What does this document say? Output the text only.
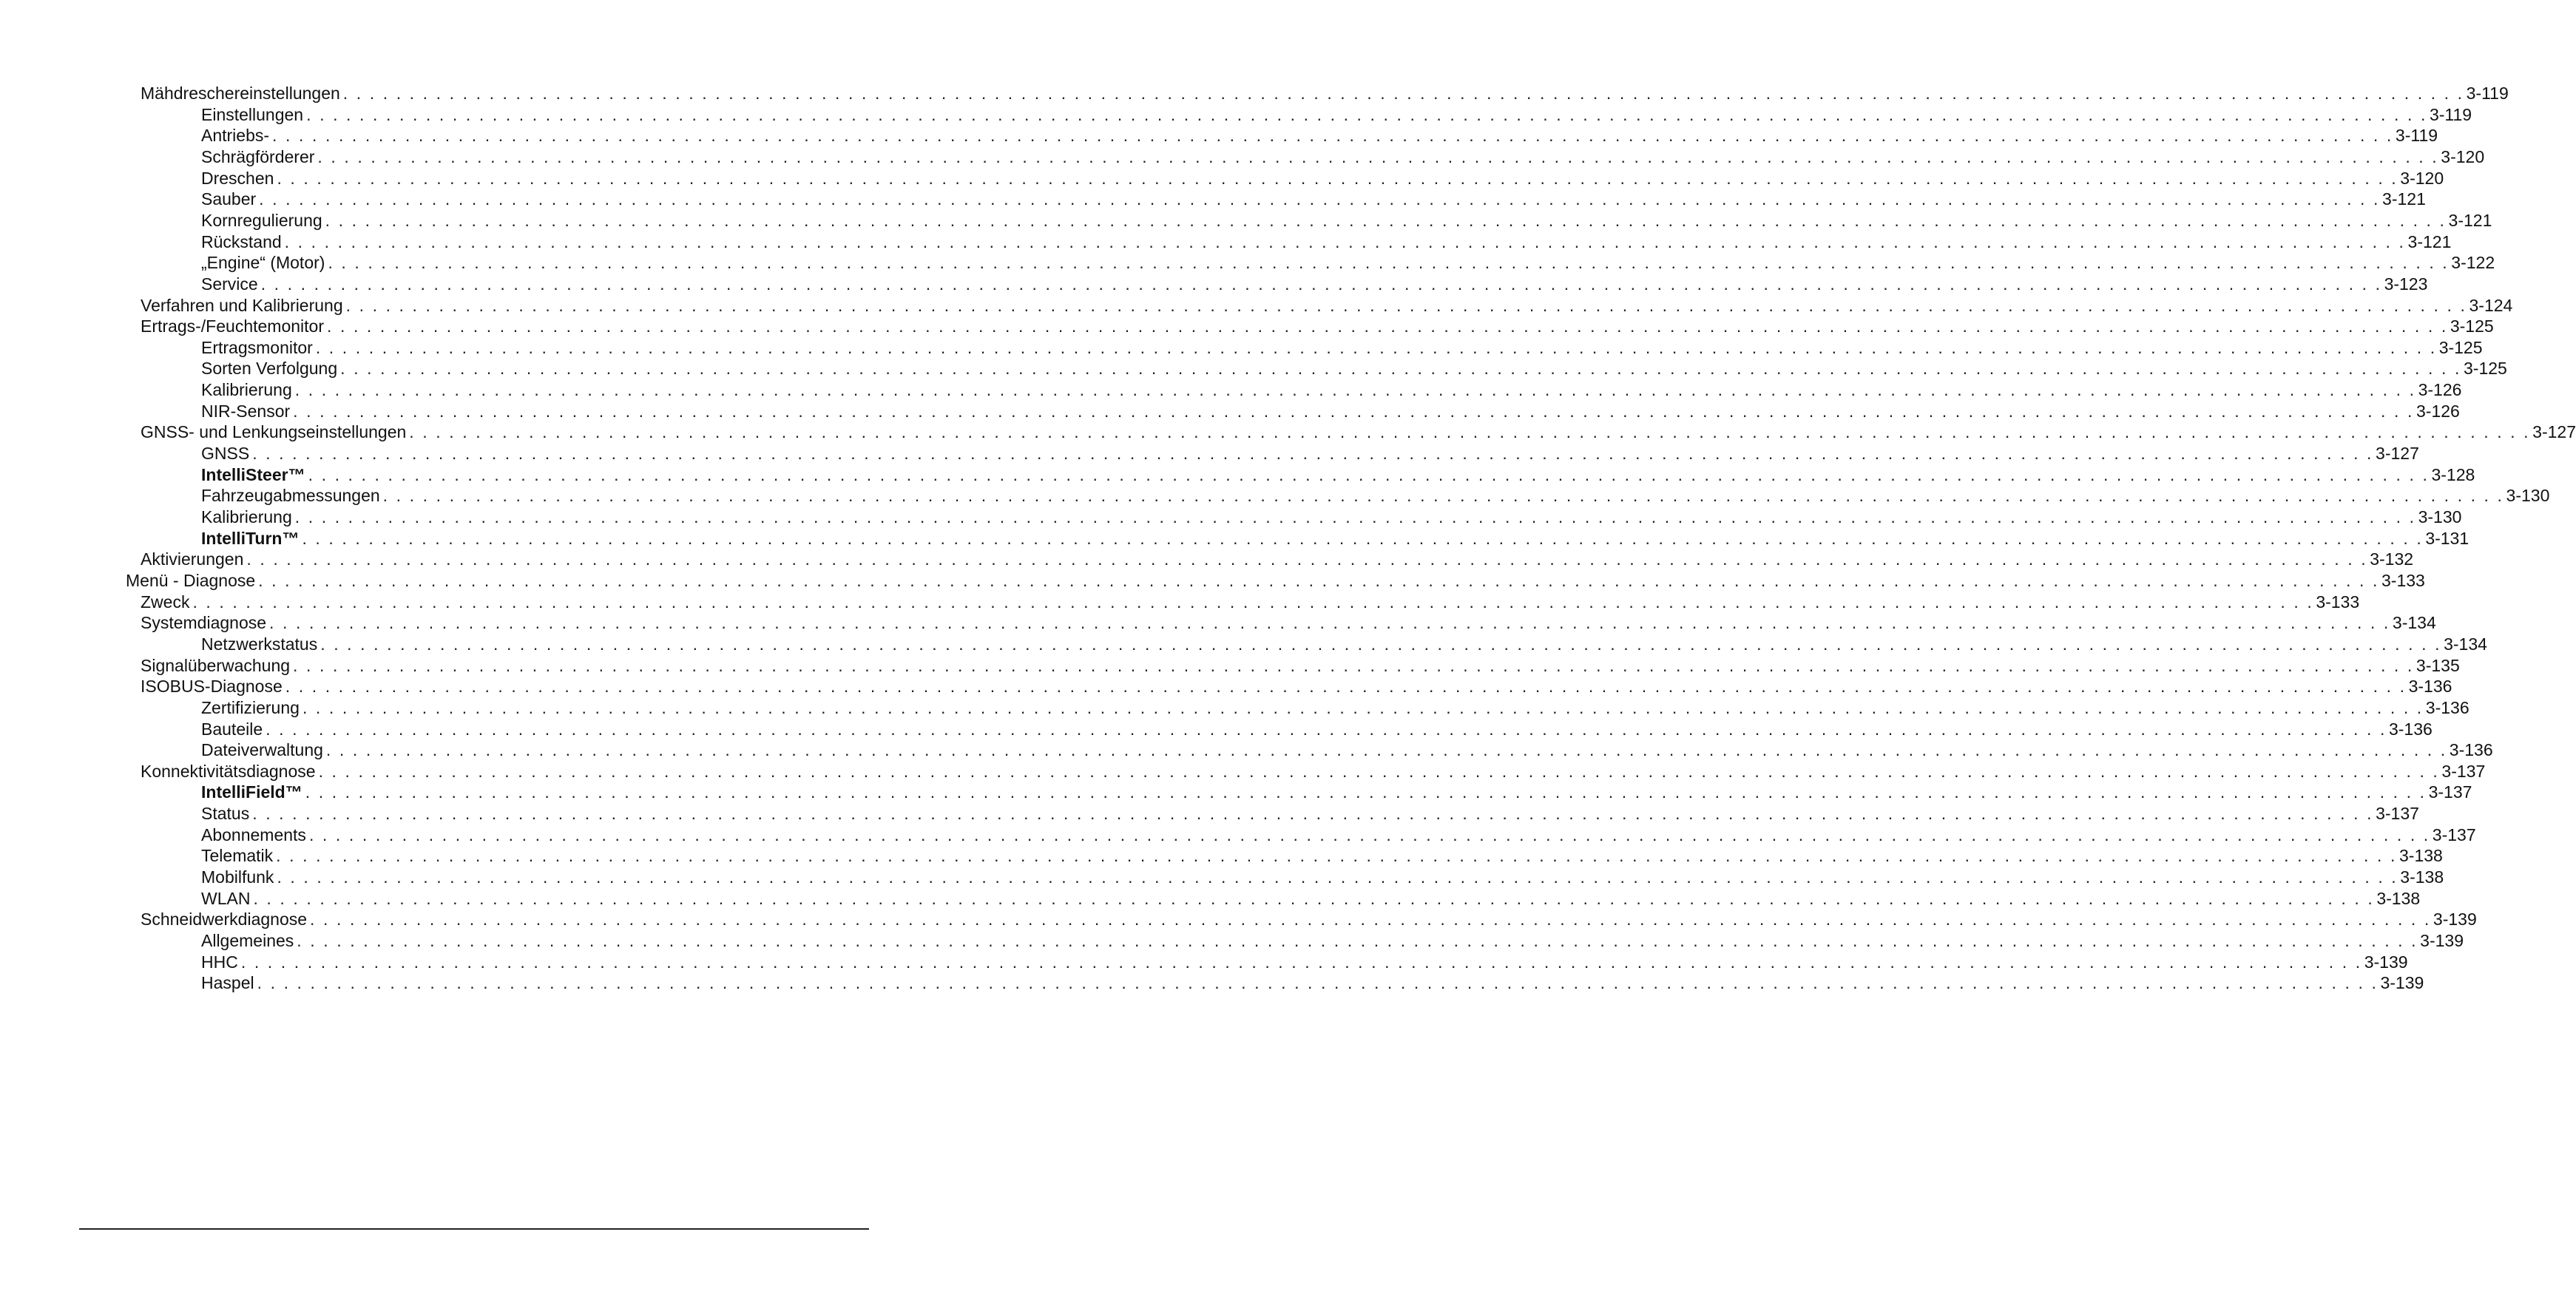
Mähdreschereinstellungen . . . . . . . . . . . . . . . . . . . . . . . . . . . . . . . . . . . . . . . . . . . . . . . . . . . . . . . . . . . . . . . . . . . . . . . . . . . . . . . . . . . . . . . . . . . . . . . . . . . . . . . . . . . . . . . . . . . . . . . . . . . . . . . . . . . . . . . . . . . . . . . . . . . . . . . . . . . . . . . . 3-119
Einstellungen . . . . . . . . . . . . . . . . . . . . . . . . . . . . . . . . . . . . . . . . . . . . . . . . . . . . . . . . . . . . . . . . . . . . . . . . . . . . . . . . . . . . . . . . . . . . . . . . . . . . . . . . . . . . . . . . . . . . . . . . . . . . . . . . . . . . . . . . . . . . . . . . . . . . . . . . . . . . . . . . 3-119
Antriebs- . . . . . . . . . . . . . . . . . . . . . . . . . . . . . . . . . . . . . . . . . . . . . . . . . . . . . . . . . . . . . . . . . . . . . . . . . . . . . . . . . . . . . . . . . . . . . . . . . . . . . . . . . . . . . . . . . . . . . . . . . . . . . . . . . . . . . . . . . . . . . . . . . . . . . . . . . . . . . . . . 3-119
Schrägförderer . . . . . . . . . . . . . . . . . . . . . . . . . . . . . . . . . . . . . . . . . . . . . . . . . . . . . . . . . . . . . . . . . . . . . . . . . . . . . . . . . . . . . . . . . . . . . . . . . . . . . . . . . . . . . . . . . . . . . . . . . . . . . . . . . . . . . . . . . . . . . . . . . . . . . . . . . . . . . . . . 3-120
Dreschen . . . . . . . . . . . . . . . . . . . . . . . . . . . . . . . . . . . . . . . . . . . . . . . . . . . . . . . . . . . . . . . . . . . . . . . . . . . . . . . . . . . . . . . . . . . . . . . . . . . . . . . . . . . . . . . . . . . . . . . . . . . . . . . . . . . . . . . . . . . . . . . . . . . . . . . . . . . . . . . . 3-120
Sauber . . . . . . . . . . . . . . . . . . . . . . . . . . . . . . . . . . . . . . . . . . . . . . . . . . . . . . . . . . . . . . . . . . . . . . . . . . . . . . . . . . . . . . . . . . . . . . . . . . . . . . . . . . . . . . . . . . . . . . . . . . . . . . . . . . . . . . . . . . . . . . . . . . . . . . . . . . . . . . . . 3-121
Kornregulierung . . . . . . . . . . . . . . . . . . . . . . . . . . . . . . . . . . . . . . . . . . . . . . . . . . . . . . . . . . . . . . . . . . . . . . . . . . . . . . . . . . . . . . . . . . . . . . . . . . . . . . . . . . . . . . . . . . . . . . . . . . . . . . . . . . . . . . . . . . . . . . . . . . . . . . . . . . . . . . . . 3-121
Rückstand . . . . . . . . . . . . . . . . . . . . . . . . . . . . . . . . . . . . . . . . . . . . . . . . . . . . . . . . . . . . . . . . . . . . . . . . . . . . . . . . . . . . . . . . . . . . . . . . . . . . . . . . . . . . . . . . . . . . . . . . . . . . . . . . . . . . . . . . . . . . . . . . . . . . . . . . . . . . . . . . 3-121
„Engine“ (Motor) . . . . . . . . . . . . . . . . . . . . . . . . . . . . . . . . . . . . . . . . . . . . . . . . . . . . . . . . . . . . . . . . . . . . . . . . . . . . . . . . . . . . . . . . . . . . . . . . . . . . . . . . . . . . . . . . . . . . . . . . . . . . . . . . . . . . . . . . . . . . . . . . . . . . . . . . . . . . . . . . 3-122
Service . . . . . . . . . . . . . . . . . . . . . . . . . . . . . . . . . . . . . . . . . . . . . . . . . . . . . . . . . . . . . . . . . . . . . . . . . . . . . . . . . . . . . . . . . . . . . . . . . . . . . . . . . . . . . . . . . . . . . . . . . . . . . . . . . . . . . . . . . . . . . . . . . . . . . . . . . . . . . . . . 3-123
Verfahren und Kalibrierung . . . . . . . . . . . . . . . . . . . . . . . . . . . . . . . . . . . . . . . . . . . . . . . . . . . . . . . . . . . . . . . . . . . . . . . . . . . . . . . . . . . . . . . . . . . . . . . . . . . . . . . . . . . . . . . . . . . . . . . . . . . . . . . . . . . . . . . . . . . . . . . . . . . . . . . . . . . . . . . . 3-124
Ertrags-/Feuchtemonitor . . . . . . . . . . . . . . . . . . . . . . . . . . . . . . . . . . . . . . . . . . . . . . . . . . . . . . . . . . . . . . . . . . . . . . . . . . . . . . . . . . . . . . . . . . . . . . . . . . . . . . . . . . . . . . . . . . . . . . . . . . . . . . . . . . . . . . . . . . . . . . . . . . . . . . . . . . . . . . . . 3-125
Ertragsmonitor . . . . . . . . . . . . . . . . . . . . . . . . . . . . . . . . . . . . . . . . . . . . . . . . . . . . . . . . . . . . . . . . . . . . . . . . . . . . . . . . . . . . . . . . . . . . . . . . . . . . . . . . . . . . . . . . . . . . . . . . . . . . . . . . . . . . . . . . . . . . . . . . . . . . . . . . . . . . . . . . 3-125
Sorten Verfolgung . . . . . . . . . . . . . . . . . . . . . . . . . . . . . . . . . . . . . . . . . . . . . . . . . . . . . . . . . . . . . . . . . . . . . . . . . . . . . . . . . . . . . . . . . . . . . . . . . . . . . . . . . . . . . . . . . . . . . . . . . . . . . . . . . . . . . . . . . . . . . . . . . . . . . . . . . . . . . . . . 3-125
Kalibrierung . . . . . . . . . . . . . . . . . . . . . . . . . . . . . . . . . . . . . . . . . . . . . . . . . . . . . . . . . . . . . . . . . . . . . . . . . . . . . . . . . . . . . . . . . . . . . . . . . . . . . . . . . . . . . . . . . . . . . . . . . . . . . . . . . . . . . . . . . . . . . . . . . . . . . . . . . . . . . . . . 3-126
NIR-Sensor . . . . . . . . . . . . . . . . . . . . . . . . . . . . . . . . . . . . . . . . . . . . . . . . . . . . . . . . . . . . . . . . . . . . . . . . . . . . . . . . . . . . . . . . . . . . . . . . . . . . . . . . . . . . . . . . . . . . . . . . . . . . . . . . . . . . . . . . . . . . . . . . . . . . . . . . . . . . . . . . 3-126
GNSS- und Lenkungseinstellungen . . . . . . . . . . . . . . . . . . . . . . . . . . . . . . . . . . . . . . . . . . . . . . . . . . . . . . . . . . . . . . . . . . . . . . . . . . . . . . . . . . . . . . . . . . . . . . . . . . . . . . . . . . . . . . . . . . . . . . . . . . . . . . . . . . . . . . . . . . . . . . . . . . . . . . . . . . . . . . . . 3-127
GNSS . . . . . . . . . . . . . . . . . . . . . . . . . . . . . . . . . . . . . . . . . . . . . . . . . . . . . . . . . . . . . . . . . . . . . . . . . . . . . . . . . . . . . . . . . . . . . . . . . . . . . . . . . . . . . . . . . . . . . . . . . . . . . . . . . . . . . . . . . . . . . . . . . . . . . . . . . . . . . . . . 3-127
IntelliSteer™ . . . . . . . . . . . . . . . . . . . . . . . . . . . . . . . . . . . . . . . . . . . . . . . . . . . . . . . . . . . . . . . . . . . . . . . . . . . . . . . . . . . . . . . . . . . . . . . . . . . . . . . . . . . . . . . . . . . . . . . . . . . . . . . . . . . . . . . . . . . . . . . . . . . . . . . . . . . . . . . . 3-128
Fahrzeugabmessungen . . . . . . . . . . . . . . . . . . . . . . . . . . . . . . . . . . . . . . . . . . . . . . . . . . . . . . . . . . . . . . . . . . . . . . . . . . . . . . . . . . . . . . . . . . . . . . . . . . . . . . . . . . . . . . . . . . . . . . . . . . . . . . . . . . . . . . . . . . . . . . . . . . . . . . . . . . . . . . . . 3-130
Kalibrierung . . . . . . . . . . . . . . . . . . . . . . . . . . . . . . . . . . . . . . . . . . . . . . . . . . . . . . . . . . . . . . . . . . . . . . . . . . . . . . . . . . . . . . . . . . . . . . . . . . . . . . . . . . . . . . . . . . . . . . . . . . . . . . . . . . . . . . . . . . . . . . . . . . . . . . . . . . . . . . . . 3-130
IntelliTurn™ . . . . . . . . . . . . . . . . . . . . . . . . . . . . . . . . . . . . . . . . . . . . . . . . . . . . . . . . . . . . . . . . . . . . . . . . . . . . . . . . . . . . . . . . . . . . . . . . . . . . . . . . . . . . . . . . . . . . . . . . . . . . . . . . . . . . . . . . . . . . . . . . . . . . . . . . . . . . . . . . 3-131
Aktivierungen . . . . . . . . . . . . . . . . . . . . . . . . . . . . . . . . . . . . . . . . . . . . . . . . . . . . . . . . . . . . . . . . . . . . . . . . . . . . . . . . . . . . . . . . . . . . . . . . . . . . . . . . . . . . . . . . . . . . . . . . . . . . . . . . . . . . . . . . . . . . . . . . . . . . . . . . . . . . . . . . 3-132
Menü - Diagnose . . . . . . . . . . . . . . . . . . . . . . . . . . . . . . . . . . . . . . . . . . . . . . . . . . . . . . . . . . . . . . . . . . . . . . . . . . . . . . . . . . . . . . . . . . . . . . . . . . . . . . . . . . . . . . . . . . . . . . . . . . . . . . . . . . . . . . . . . . . . . . . . . . . . . . . . . . . . . . . . 3-133
Zweck . . . . . . . . . . . . . . . . . . . . . . . . . . . . . . . . . . . . . . . . . . . . . . . . . . . . . . . . . . . . . . . . . . . . . . . . . . . . . . . . . . . . . . . . . . . . . . . . . . . . . . . . . . . . . . . . . . . . . . . . . . . . . . . . . . . . . . . . . . . . . . . . . . . . . . . . . . . . . . . . 3-133
Systemdiagnose . . . . . . . . . . . . . . . . . . . . . . . . . . . . . . . . . . . . . . . . . . . . . . . . . . . . . . . . . . . . . . . . . . . . . . . . . . . . . . . . . . . . . . . . . . . . . . . . . . . . . . . . . . . . . . . . . . . . . . . . . . . . . . . . . . . . . . . . . . . . . . . . . . . . . . . . . . . . . . . . 3-134
Netzwerkstatus . . . . . . . . . . . . . . . . . . . . . . . . . . . . . . . . . . . . . . . . . . . . . . . . . . . . . . . . . . . . . . . . . . . . . . . . . . . . . . . . . . . . . . . . . . . . . . . . . . . . . . . . . . . . . . . . . . . . . . . . . . . . . . . . . . . . . . . . . . . . . . . . . . . . . . . . . . . . . . . . 3-134
Signalüberwachung . . . . . . . . . . . . . . . . . . . . . . . . . . . . . . . . . . . . . . . . . . . . . . . . . . . . . . . . . . . . . . . . . . . . . . . . . . . . . . . . . . . . . . . . . . . . . . . . . . . . . . . . . . . . . . . . . . . . . . . . . . . . . . . . . . . . . . . . . . . . . . . . . . . . . . . . . . . . . . . . 3-135
ISOBUS-Diagnose . . . . . . . . . . . . . . . . . . . . . . . . . . . . . . . . . . . . . . . . . . . . . . . . . . . . . . . . . . . . . . . . . . . . . . . . . . . . . . . . . . . . . . . . . . . . . . . . . . . . . . . . . . . . . . . . . . . . . . . . . . . . . . . . . . . . . . . . . . . . . . . . . . . . . . . . . . . . . . . . 3-136
Zertifizierung . . . . . . . . . . . . . . . . . . . . . . . . . . . . . . . . . . . . . . . . . . . . . . . . . . . . . . . . . . . . . . . . . . . . . . . . . . . . . . . . . . . . . . . . . . . . . . . . . . . . . . . . . . . . . . . . . . . . . . . . . . . . . . . . . . . . . . . . . . . . . . . . . . . . . . . . . . . . . . . . 3-136
Bauteile . . . . . . . . . . . . . . . . . . . . . . . . . . . . . . . . . . . . . . . . . . . . . . . . . . . . . . . . . . . . . . . . . . . . . . . . . . . . . . . . . . . . . . . . . . . . . . . . . . . . . . . . . . . . . . . . . . . . . . . . . . . . . . . . . . . . . . . . . . . . . . . . . . . . . . . . . . . . . . . . 3-136
Dateiverwaltung . . . . . . . . . . . . . . . . . . . . . . . . . . . . . . . . . . . . . . . . . . . . . . . . . . . . . . . . . . . . . . . . . . . . . . . . . . . . . . . . . . . . . . . . . . . . . . . . . . . . . . . . . . . . . . . . . . . . . . . . . . . . . . . . . . . . . . . . . . . . . . . . . . . . . . . . . . . . . . . . 3-136
Konnektivitätsdiagnose . . . . . . . . . . . . . . . . . . . . . . . . . . . . . . . . . . . . . . . . . . . . . . . . . . . . . . . . . . . . . . . . . . . . . . . . . . . . . . . . . . . . . . . . . . . . . . . . . . . . . . . . . . . . . . . . . . . . . . . . . . . . . . . . . . . . . . . . . . . . . . . . . . . . . . . . . . . . . . . . 3-137
IntelliField™ . . . . . . . . . . . . . . . . . . . . . . . . . . . . . . . . . . . . . . . . . . . . . . . . . . . . . . . . . . . . . . . . . . . . . . . . . . . . . . . . . . . . . . . . . . . . . . . . . . . . . . . . . . . . . . . . . . . . . . . . . . . . . . . . . . . . . . . . . . . . . . . . . . . . . . . . . . . . . . . . 3-137
Status . . . . . . . . . . . . . . . . . . . . . . . . . . . . . . . . . . . . . . . . . . . . . . . . . . . . . . . . . . . . . . . . . . . . . . . . . . . . . . . . . . . . . . . . . . . . . . . . . . . . . . . . . . . . . . . . . . . . . . . . . . . . . . . . . . . . . . . . . . . . . . . . . . . . . . . . . . . . . . . . 3-137
Abonnements . . . . . . . . . . . . . . . . . . . . . . . . . . . . . . . . . . . . . . . . . . . . . . . . . . . . . . . . . . . . . . . . . . . . . . . . . . . . . . . . . . . . . . . . . . . . . . . . . . . . . . . . . . . . . . . . . . . . . . . . . . . . . . . . . . . . . . . . . . . . . . . . . . . . . . . . . . . . . . . . 3-137
Telematik . . . . . . . . . . . . . . . . . . . . . . . . . . . . . . . . . . . . . . . . . . . . . . . . . . . . . . . . . . . . . . . . . . . . . . . . . . . . . . . . . . . . . . . . . . . . . . . . . . . . . . . . . . . . . . . . . . . . . . . . . . . . . . . . . . . . . . . . . . . . . . . . . . . . . . . . . . . . . . . . 3-138
Mobilfunk . . . . . . . . . . . . . . . . . . . . . . . . . . . . . . . . . . . . . . . . . . . . . . . . . . . . . . . . . . . . . . . . . . . . . . . . . . . . . . . . . . . . . . . . . . . . . . . . . . . . . . . . . . . . . . . . . . . . . . . . . . . . . . . . . . . . . . . . . . . . . . . . . . . . . . . . . . . . . . . . 3-138
WLAN . . . . . . . . . . . . . . . . . . . . . . . . . . . . . . . . . . . . . . . . . . . . . . . . . . . . . . . . . . . . . . . . . . . . . . . . . . . . . . . . . . . . . . . . . . . . . . . . . . . . . . . . . . . . . . . . . . . . . . . . . . . . . . . . . . . . . . . . . . . . . . . . . . . . . . . . . . . . . . . . 3-138
Schneidwerkdiagnose . . . . . . . . . . . . . . . . . . . . . . . . . . . . . . . . . . . . . . . . . . . . . . . . . . . . . . . . . . . . . . . . . . . . . . . . . . . . . . . . . . . . . . . . . . . . . . . . . . . . . . . . . . . . . . . . . . . . . . . . . . . . . . . . . . . . . . . . . . . . . . . . . . . . . . . . . . . . . . . . 3-139
Allgemeines . . . . . . . . . . . . . . . . . . . . . . . . . . . . . . . . . . . . . . . . . . . . . . . . . . . . . . . . . . . . . . . . . . . . . . . . . . . . . . . . . . . . . . . . . . . . . . . . . . . . . . . . . . . . . . . . . . . . . . . . . . . . . . . . . . . . . . . . . . . . . . . . . . . . . . . . . . . . . . . . 3-139
HHC . . . . . . . . . . . . . . . . . . . . . . . . . . . . . . . . . . . . . . . . . . . . . . . . . . . . . . . . . . . . . . . . . . . . . . . . . . . . . . . . . . . . . . . . . . . . . . . . . . . . . . . . . . . . . . . . . . . . . . . . . . . . . . . . . . . . . . . . . . . . . . . . . . . . . . . . . . . . . . . . 3-139
Haspel . . . . . . . . . . . . . . . . . . . . . . . . . . . . . . . . . . . . . . . . . . . . . . . . . . . . . . . . . . . . . . . . . . . . . . . . . . . . . . . . . . . . . . . . . . . . . . . . . . . . . . . . . . . . . . . . . . . . . . . . . . . . . . . . . . . . . . . . . . . . . . . . . . . . . . . . . . . . . . . . 3-139
